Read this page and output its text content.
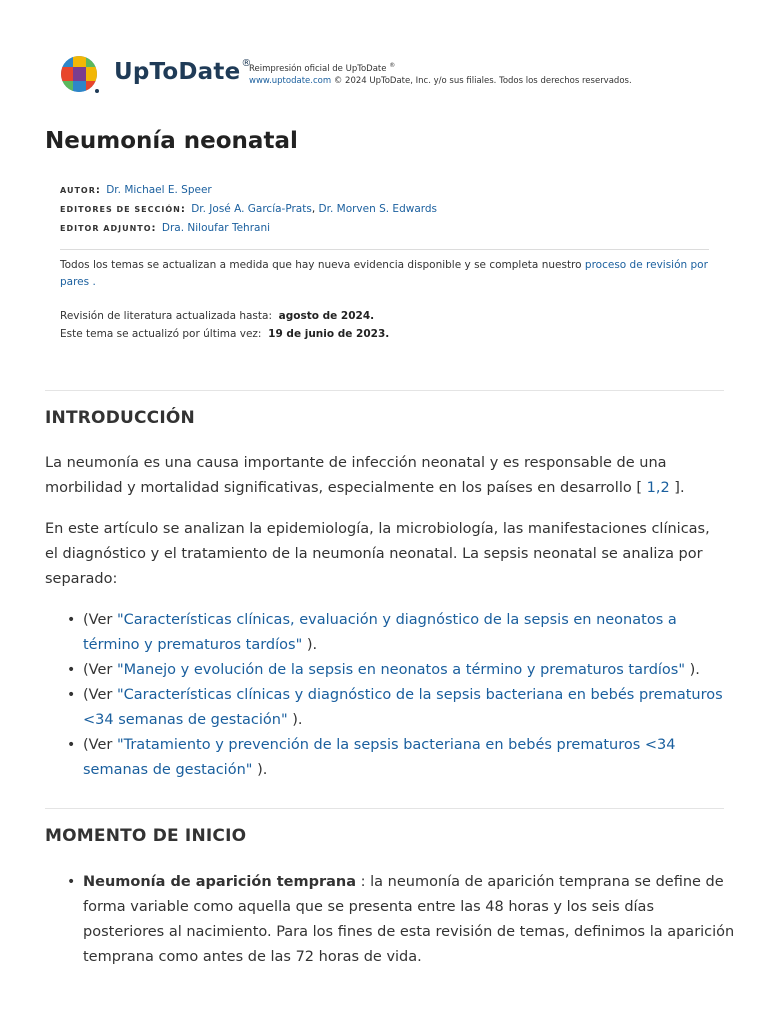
UpToDate®
Reimpresión oficial de UpToDate ®
www.uptodate.com © 2024 UpToDate, Inc. y/o sus filiales. Todos los derechos reservados.
Neumonía neonatal
AUTOR: Dr. Michael E. Speer
EDITORES DE SECCIÓN: Dr. José A. García-Prats, Dr. Morven S. Edwards
EDITOR ADJUNTO: Dra. Niloufar Tehrani
Todos los temas se actualizan a medida que hay nueva evidencia disponible y se completa nuestro proceso de revisión por pares .
Revisión de literatura actualizada hasta: agosto de 2024.
Este tema se actualizó por última vez: 19 de junio de 2023.
INTRODUCCIÓN

La neumonía es una causa importante de infección neonatal y es responsable de una morbilidad y mortalidad significativas, especialmente en los países en desarrollo [ 1,2 ].

En este artículo se analizan la epidemiología, la microbiología, las manifestaciones clínicas, el diagnóstico y el tratamiento de la neumonía neonatal. La sepsis neonatal se analiza por separado:

• (Ver "Características clínicas, evaluación y diagnóstico de la sepsis en neonatos a término y prematuros tardíos" ).
• (Ver "Manejo y evolución de la sepsis en neonatos a término y prematuros tardíos" ).
• (Ver "Características clínicas y diagnóstico de la sepsis bacteriana en bebés prematuros <34 semanas de gestación" ).
• (Ver "Tratamiento y prevención de la sepsis bacteriana en bebés prematuros <34 semanas de gestación" ).
MOMENTO DE INICIO
• Neumonía de aparición temprana : la neumonía de aparición temprana se define de forma variable como aquella que se presenta entre las 48 horas y los seis días posteriores al nacimiento. Para los fines de esta revisión de temas, definimos la aparición temprana como antes de las 72 horas de vida.
